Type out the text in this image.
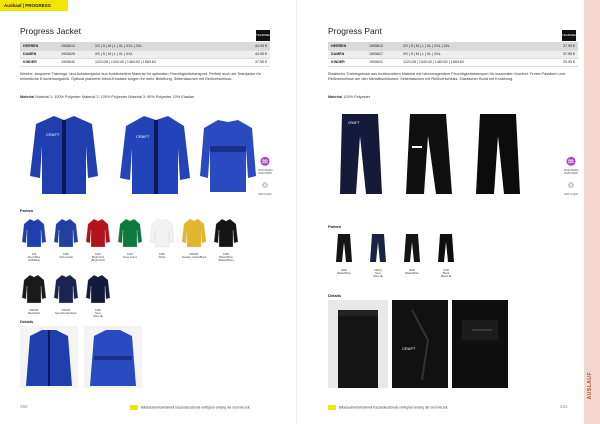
Ausbaal | PROGRESS
Progress Jacket	TEAMWEAR
HERREN	1905612	XS | S | M | L | XL | XXL | 3XL	44.95 €
DAMEN	1905626	XS | S | M | L | XL | XXL	44.95 €
KINDER	1905640	122/128 | 134/140 | 146/152 | 158/164	37.95 €
Weiche, bequeme Trainings- und Aufwärmjacke aus funktionellem Material für optimalen Feuchtigkeitstransport. Perfekt auch als Teamjacke für einheitliche Erscheinungsbild. Optimal platzierte Mesh-Einsätze sorgen für mehr Belüftung. Seitentaschen mit Reißverschluss.
Material Material 1: 100% Polyester Material 2: 100% Polyester Material 3: 90% Polyester 10% Elastan
CRAFT	CRAFT
♒
MASCHINEN-WASCHBAR
♲
RECYCLED
Farben
346
Royal Blue
(ClubBlue)
1906
Club Cobalt
1920
Bright Red
(Bright Red)
1925
Team Green
1900
White
556999
Sweden Yellow/Black
1999
Black/White
(Black/White)
999430
Black/Red
390400
Navy/Smoke/Silver
1390
Navy
(Navy ■)
Details
260	Billabaudiverfahrbarkeit Kasseldeutzbeide verfügbar entlang der Sommerzeit.
Progress Pant	TEAMWEAR
HERREN	1905613	XS | S | M | L | XL | XXL | 3XL	37.95 €
DAMEN	1905627	XS | S | M | L | XL | XXL	37.95 €
KINDER	1905641	122/128 | 134/140 | 146/152 | 158/164	29.95 €
Elastische Trainingshose aus funktionellem Material mit hervorragendem Feuchtigkeitstransport für maximalen Komfort. Freies Passform und Reißverschluss am den Meinabschlüssen. Seitentaschen mit Reißverschluss. Elastischer Bund mit Kordelzug.
Material 100% Polyester
CRAFT
♒
MASCHINEN-WASCHBAR
♲
RECYCLED
Farben
9999
Black/White
390(0)
Navy
(Navy ■)
9999
Black/White
1999
Black
(Black ■)
Details
CRAFT
261
Billabaudiverfahrbarkeit Kasseldeutzbeide verfügbar entlang der Sommerzeit.
AUSLAUF
